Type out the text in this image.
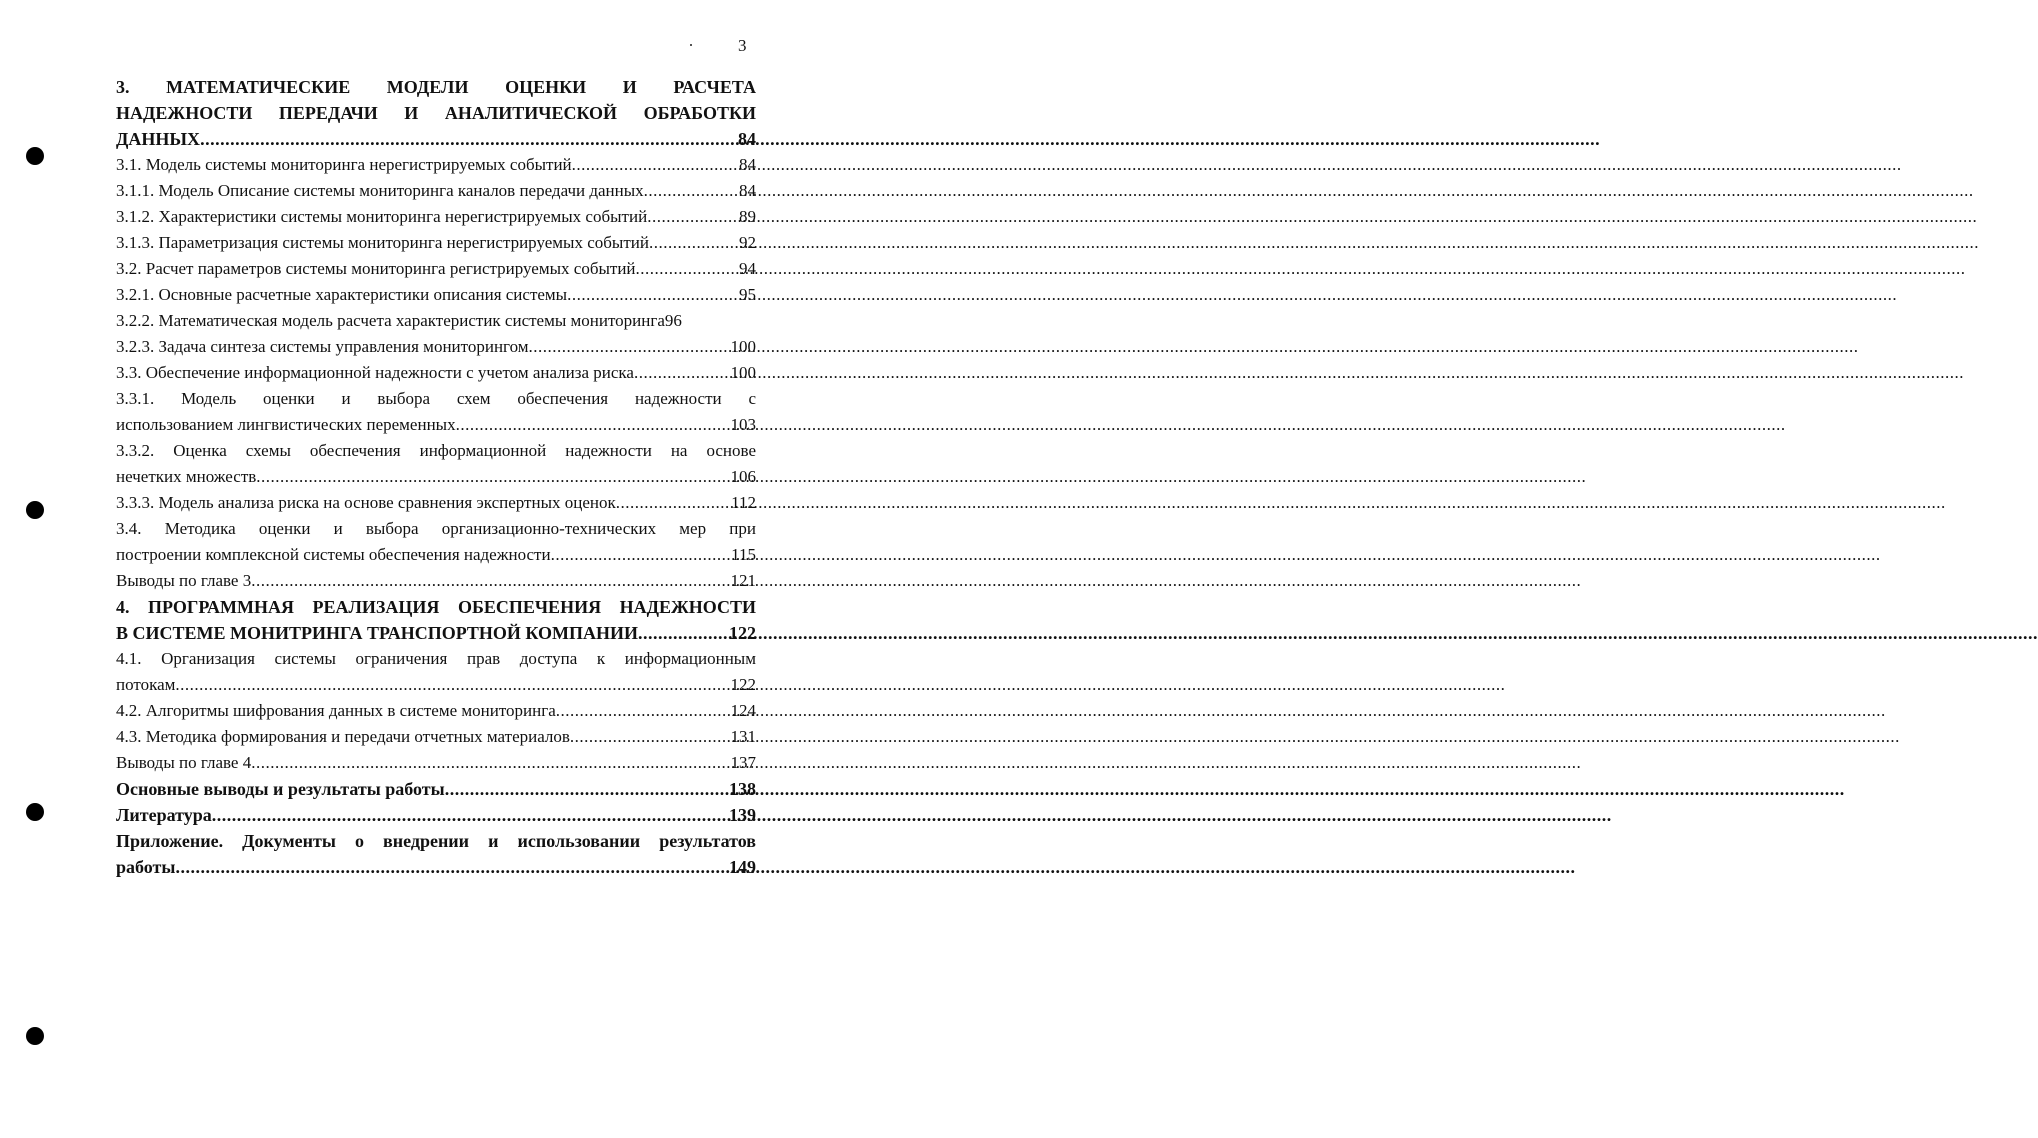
3
3. МАТЕМАТИЧЕСКИЕ МОДЕЛИ ОЦЕНКИ И РАСЧЕТА
НАДЕЖНОСТИ ПЕРЕДАЧИ И АНАЛИТИЧЕСКОЙ ОБРАБОТКИ
ДАННЫХ .....	84
3.1. Модель системы мониторинга нерегистрируемых событий .....	84
3.1.1. Модель Описание системы мониторинга каналов передачи данных .....	84
3.1.2. Характеристики системы мониторинга нерегистрируемых событий .....	89
3.1.3. Параметризация системы мониторинга нерегистрируемых событий .....	92
3.2. Расчет параметров системы мониторинга регистрируемых событий .....	94
3.2.1. Основные расчетные характеристики описания системы .....	95
3.2.2. Математическая модель расчета характеристик системы мониторинга 96
3.2.3. Задача синтеза системы управления мониторингом .....	100
3.3. Обеспечение информационной надежности с учетом анализа риска .....	100
3.3.1. Модель оценки и выбора схем обеспечения надежности с
использованием лингвистических переменных .....	103
3.3.2. Оценка схемы обеспечения информационной надежности на основе
нечетких множеств .....	106
3.3.3. Модель анализа риска на основе сравнения экспертных оценок .....	112
3.4. Методика оценки и выбора организационно-технических мер при
построении комплексной системы обеспечения надежности .....	115
Выводы по главе 3 .....	121
4. ПРОГРАММНАЯ РЕАЛИЗАЦИЯ ОБЕСПЕЧЕНИЯ НАДЕЖНОСТИ
В СИСТЕМЕ МОНИТРИНГА ТРАНСПОРТНОЙ КОМПАНИИ .....	122
4.1. Организация системы ограничения прав доступа к информационным
потокам .....	122
4.2. Алгоритмы шифрования данных в системе мониторинга .....	124
4.3. Методика формирования и передачи отчетных материалов .....	131
Выводы по главе 4 .....	137
Основные выводы и результаты работы .....	138
Литература .....	139
Приложение. Документы о внедрении и использовании результатов
работы .....	149
